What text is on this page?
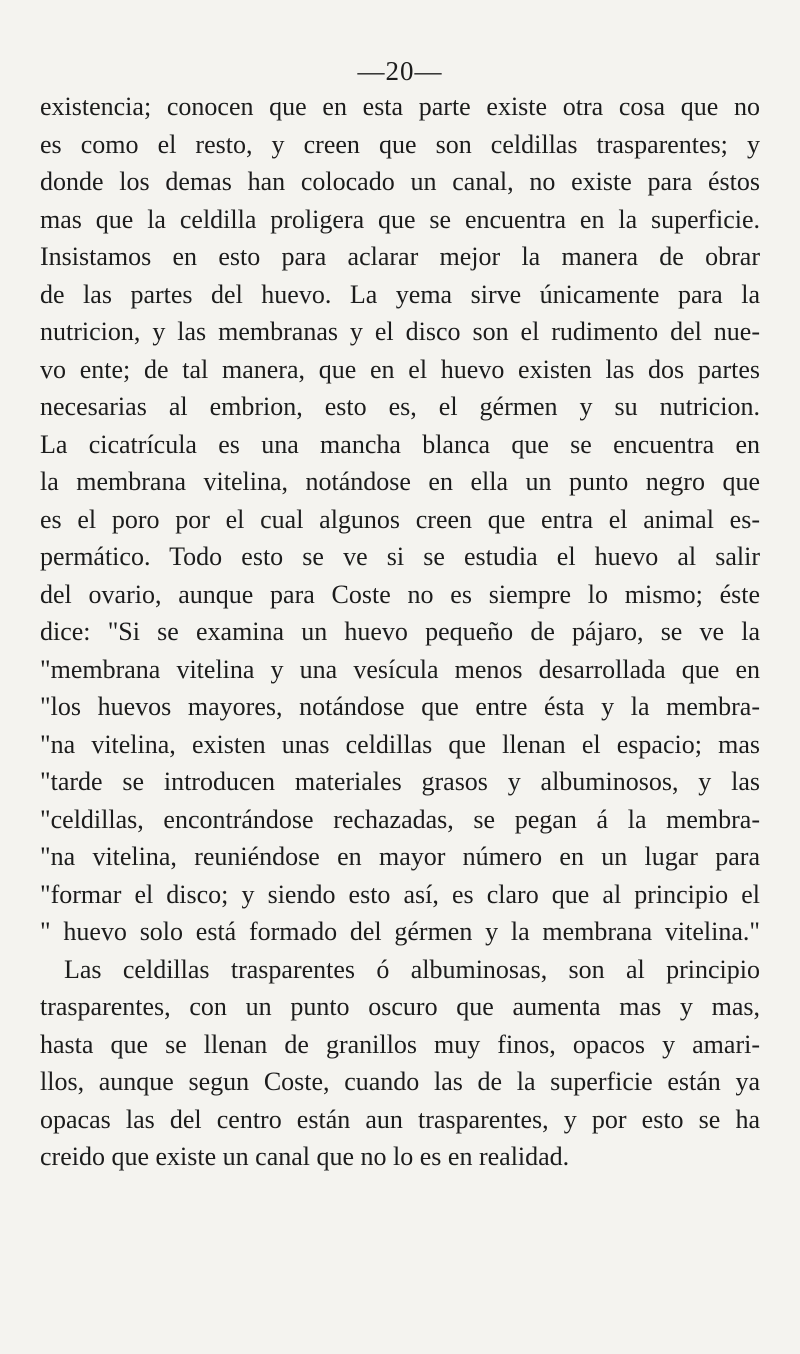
—20—
existencia; conocen que en esta parte existe otra cosa que no
es como el resto, y creen que son celdillas trasparentes; y
donde los demas han colocado un canal, no existe para éstos
mas que la celdilla proligera que se encuentra en la superficie.
Insistamos en esto para aclarar mejor la manera de obrar
de las partes del huevo. La yema sirve únicamente para la
nutricion, y las membranas y el disco son el rudimento del nue-
vo ente; de tal manera, que en el huevo existen las dos partes
necesarias al embrion, esto es, el gérmen y su nutricion.
La cicatrícula es una mancha blanca que se encuentra en
la membrana vitelina, notándose en ella un punto negro que
es el poro por el cual algunos creen que entra el animal es-
permático. Todo esto se ve si se estudia el huevo al salir
del ovario, aunque para Coste no es siempre lo mismo; éste
dice: "Si se examina un huevo pequeño de pájaro, se ve la
"membrana vitelina y una vesícula menos desarrollada que en
"los huevos mayores, notándose que entre ésta y la membra-
"na vitelina, existen unas celdillas que llenan el espacio; mas
"tarde se introducen materiales grasos y albuminosos, y las
"celdillas, encontrándose rechazadas, se pegan á la membra-
"na vitelina, reuniéndose en mayor número en un lugar para
"formar el disco; y siendo esto así, es claro que al principio el
" huevo solo está formado del gérmen y la membrana vitelina."
Las celdillas trasparentes ó albuminosas, son al principio
trasparentes, con un punto oscuro que aumenta mas y mas,
hasta que se llenan de granillos muy finos, opacos y amari-
llos, aunque segun Coste, cuando las de la superficie están ya
opacas las del centro están aun trasparentes, y por esto se ha
creido que existe un canal que no lo es en realidad.
